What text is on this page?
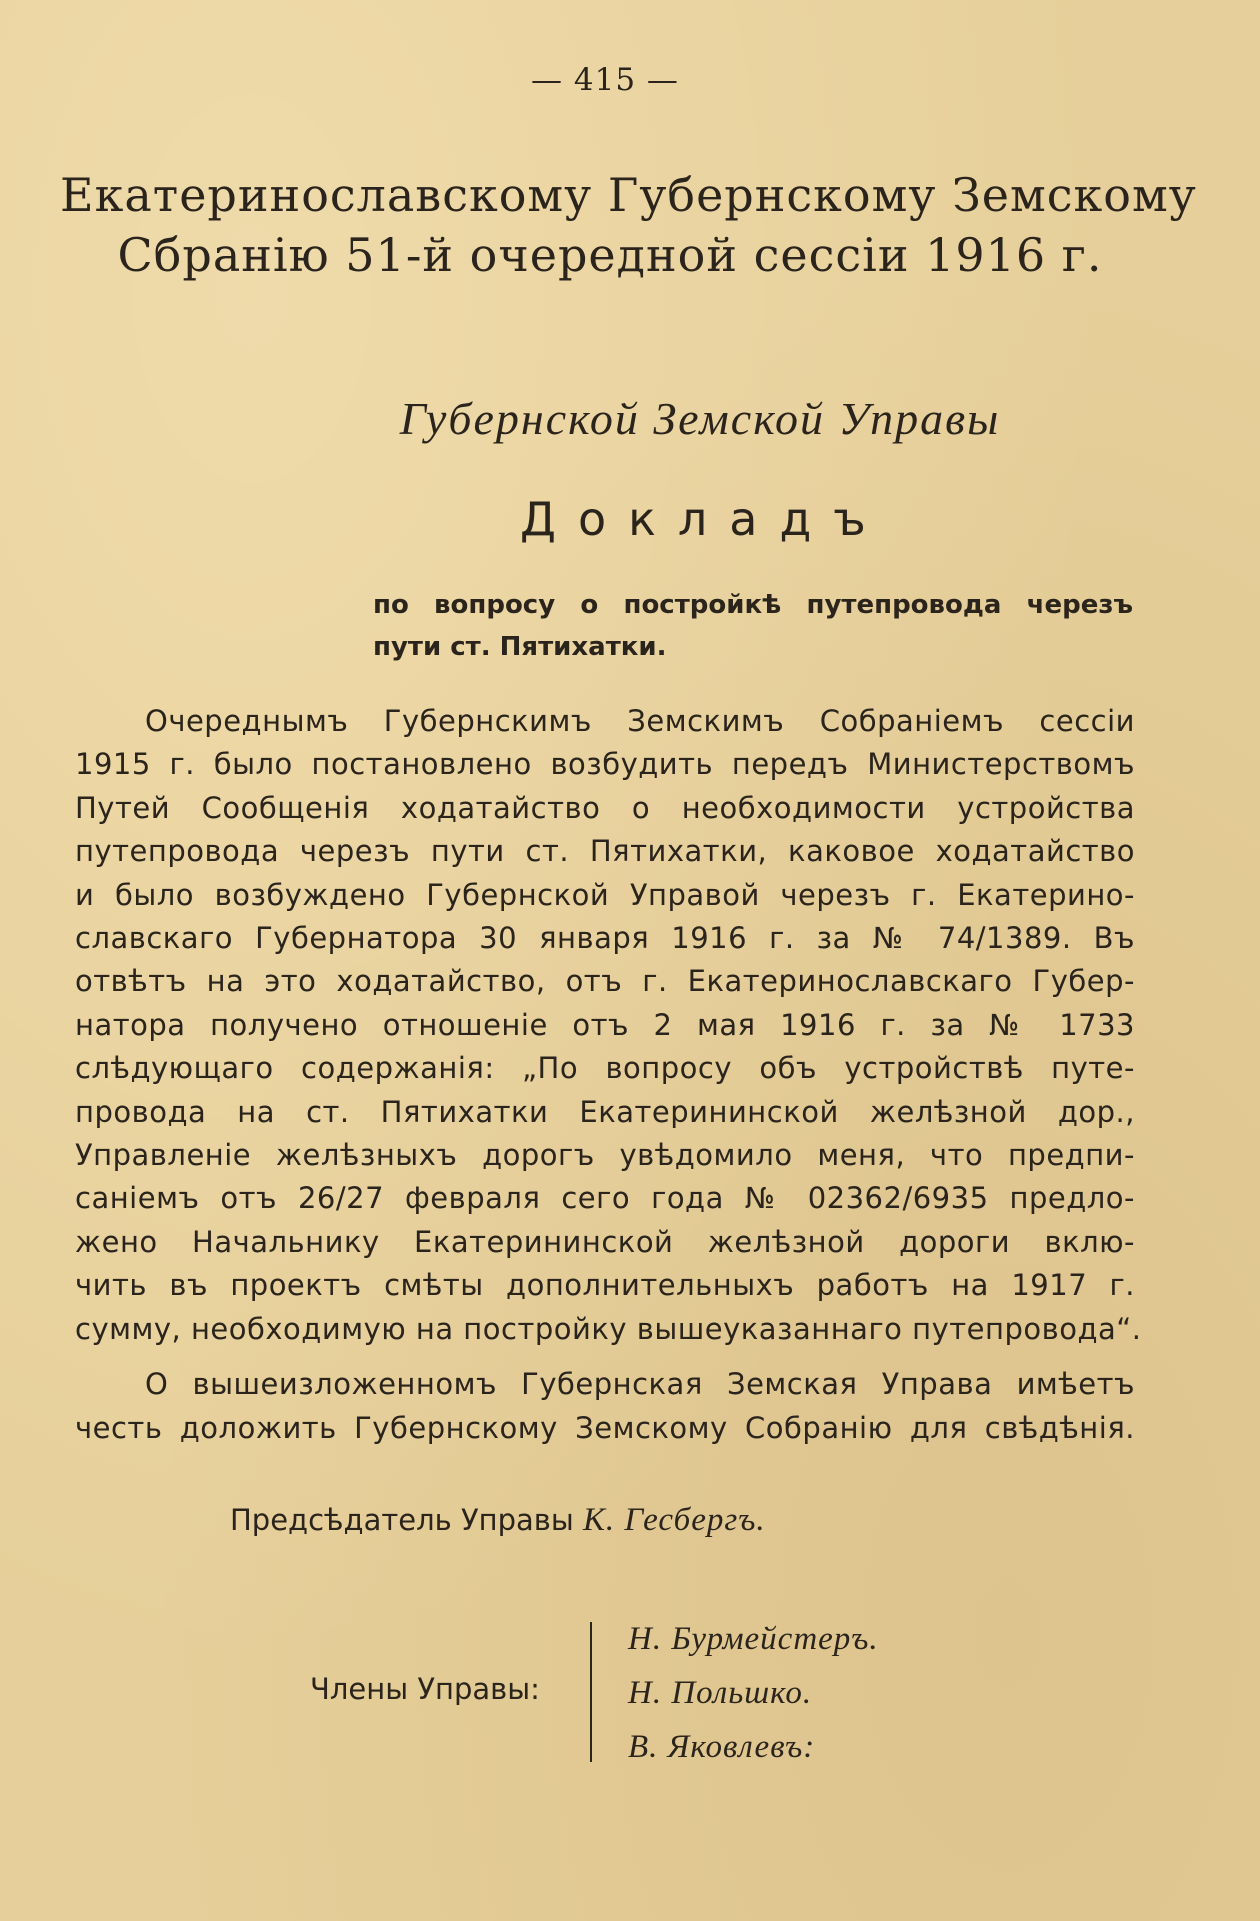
— 415 —
Екатеринославскому Губернскому Земскому
Сбранію 51-й очередной сессіи 1916 г.
Губернской Земской Управы
Докладъ
по вопросу о постройкѣ путепровода черезъ
пути ст. Пятихатки.
Очереднымъ Губернскимъ Земскимъ Собраніемъ сессіи
1915 г. было постановлено возбудить передъ Министерствомъ
Путей Сообщенія ходатайство о необходимости устройства
путепровода черезъ пути ст. Пятихатки, каковое ходатайство
и было возбуждено Губернской Управой черезъ г. Екатерино-
славскаго Губернатора 30 января 1916 г. за № 74/1389. Въ
отвѣтъ на это ходатайство, отъ г. Екатеринославскаго Губер-
натора получено отношеніе отъ 2 мая 1916 г. за № 1733
слѣдующаго содержанія: „По вопросу объ устройствѣ путе-
провода на ст. Пятихатки Екатерининской желѣзной дор.,
Управленіе желѣзныхъ дорогъ увѣдомило меня, что предпи-
саніемъ отъ 26/27 февраля сего года № 02362/6935 предло-
жено Начальнику Екатерининской желѣзной дороги вклю-
чить въ проектъ смѣты дополнительныхъ работъ на 1917 г.
сумму, необходимую на постройку вышеуказаннаго путепровода“.
О вышеизложенномъ Губернская Земская Управа имѣетъ
честь доложить Губернскому Земскому Собранію для свѣдѣнія.
Предсѣдатель Управы К. Гесбергъ.
Члены Управы:
Н. Бурмейстеръ.
Н. Польшко.
В. Яковлевъ:
